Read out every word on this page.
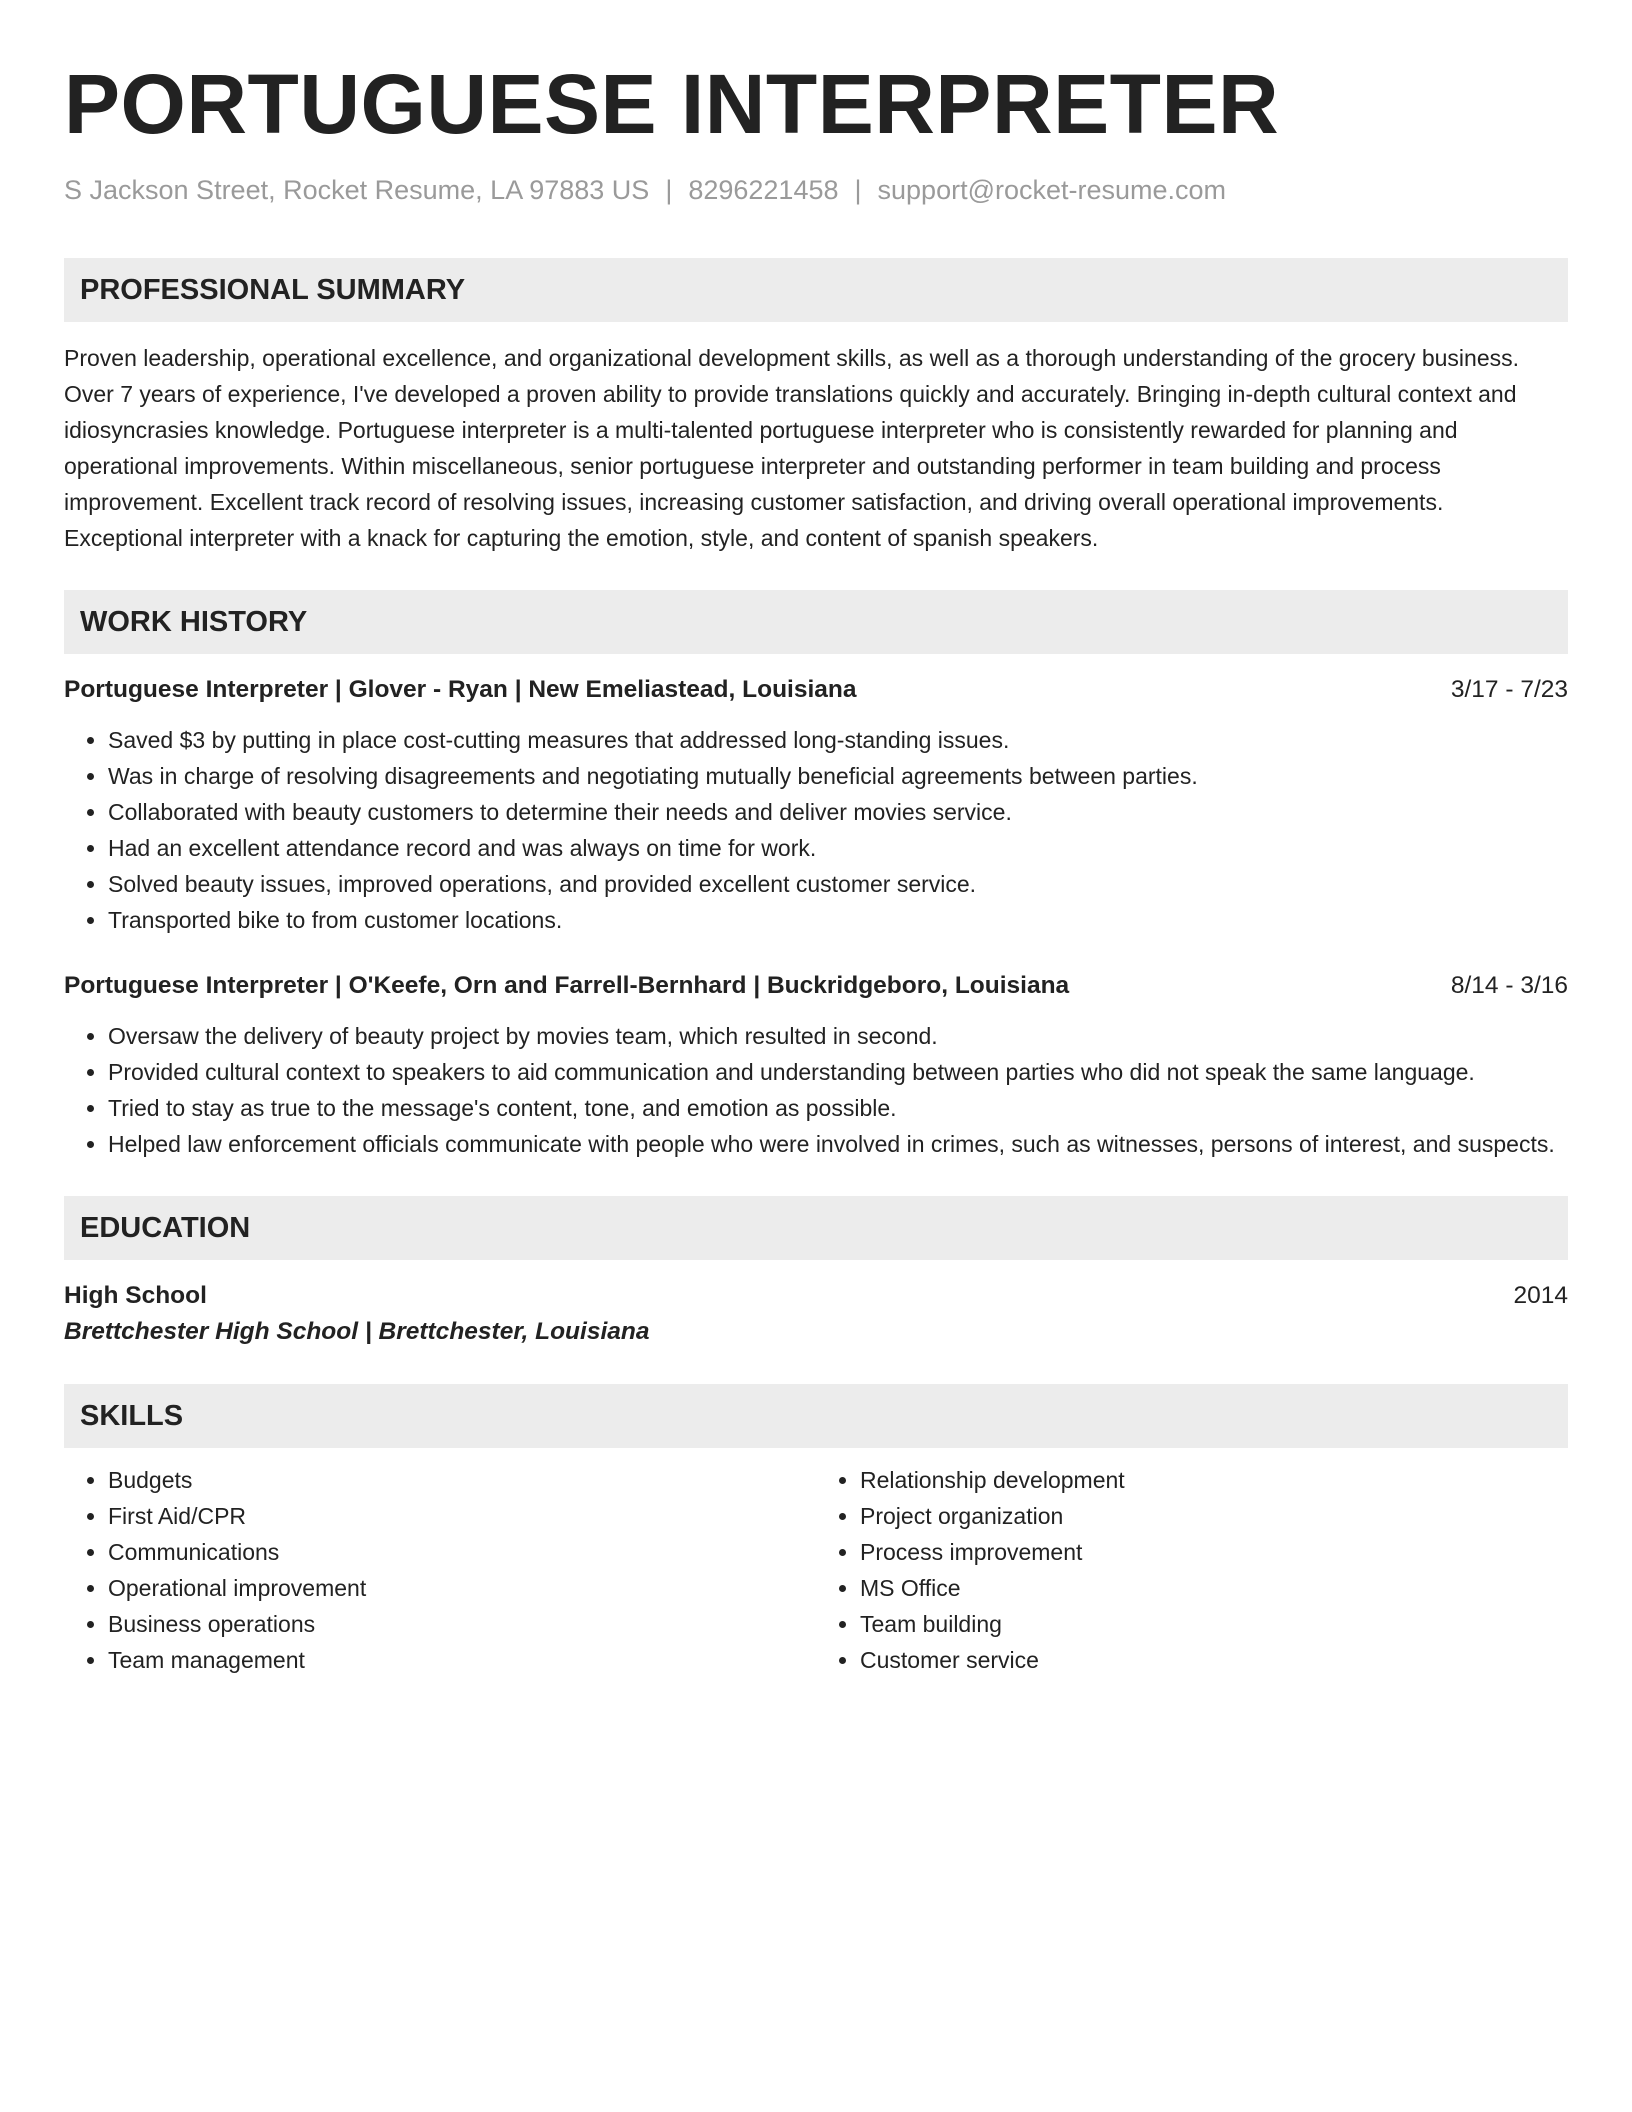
PORTUGUESE INTERPRETER
S Jackson Street, Rocket Resume, LA 97883 US | 8296221458 | support@rocket-resume.com
PROFESSIONAL SUMMARY
Proven leadership, operational excellence, and organizational development skills, as well as a thorough understanding of the grocery business. Over 7 years of experience, I've developed a proven ability to provide translations quickly and accurately. Bringing in-depth cultural context and idiosyncrasies knowledge. Portuguese interpreter is a multi-talented portuguese interpreter who is consistently rewarded for planning and operational improvements. Within miscellaneous, senior portuguese interpreter and outstanding performer in team building and process improvement. Excellent track record of resolving issues, increasing customer satisfaction, and driving overall operational improvements. Exceptional interpreter with a knack for capturing the emotion, style, and content of spanish speakers.
WORK HISTORY
Portuguese Interpreter | Glover - Ryan | New Emeliastead, Louisiana	3/17 - 7/23
• Saved $3 by putting in place cost-cutting measures that addressed long-standing issues.
• Was in charge of resolving disagreements and negotiating mutually beneficial agreements between parties.
• Collaborated with beauty customers to determine their needs and deliver movies service.
• Had an excellent attendance record and was always on time for work.
• Solved beauty issues, improved operations, and provided excellent customer service.
• Transported bike to from customer locations.
Portuguese Interpreter | O'Keefe, Orn and Farrell-Bernhard | Buckridgeboro, Louisiana	8/14 - 3/16
• Oversaw the delivery of beauty project by movies team, which resulted in second.
• Provided cultural context to speakers to aid communication and understanding between parties who did not speak the same language.
• Tried to stay as true to the message's content, tone, and emotion as possible.
• Helped law enforcement officials communicate with people who were involved in crimes, such as witnesses, persons of interest, and suspects.
EDUCATION
High School	2014
Brettchester High School | Brettchester, Louisiana
SKILLS
• Budgets
• First Aid/CPR
• Communications
• Operational improvement
• Business operations
• Team management
• Relationship development
• Project organization
• Process improvement
• MS Office
• Team building
• Customer service
